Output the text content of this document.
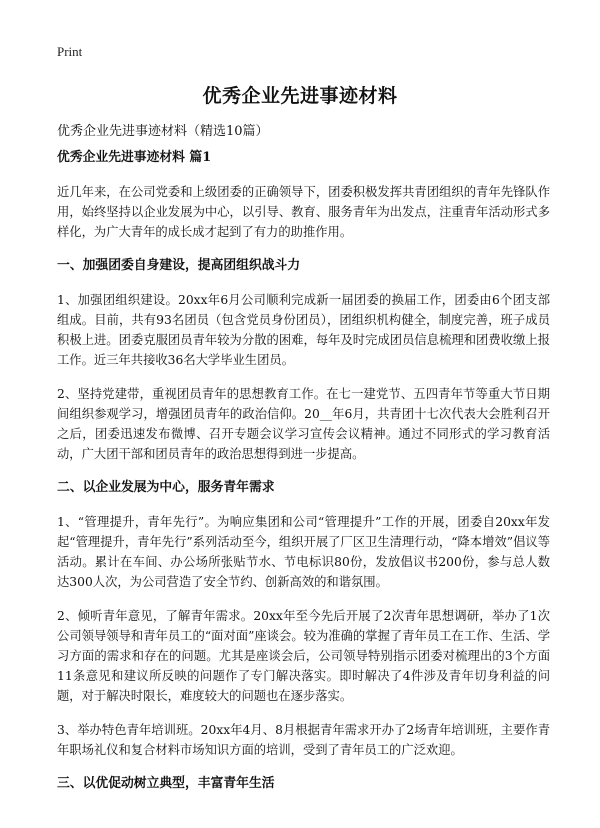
Print
优秀企业先进事迹材料
优秀企业先进事迹材料（精选10篇）
优秀企业先进事迹材料 篇1
近几年来，在公司党委和上级团委的正确领导下，团委积极发挥共青团组织的青年先锋队作用，始终坚持以企业发展为中心，以引导、教育、服务青年为出发点，注重青年活动形式多样化，为广大青年的成长成才起到了有力的助推作用。
一、加强团委自身建设，提高团组织战斗力
1、加强团组织建设。20xx年6月公司顺利完成新一届团委的换届工作，团委由6个团支部组成。目前，共有93名团员（包含党员身份团员），团组织机构健全，制度完善，班子成员积极上进。团委克服团员青年较为分散的困难，每年及时完成团员信息梳理和团费收缴上报工作。近三年共接收36名大学毕业生团员。
2、坚持党建带，重视团员青年的思想教育工作。在七一建党节、五四青年节等重大节日期间组织参观学习，增强团员青年的政治信仰。20__年6月，共青团十七次代表大会胜利召开之后，团委迅速发布微博、召开专题会议学习宣传会议精神。通过不同形式的学习教育活动，广大团干部和团员青年的政治思想得到进一步提高。
二、以企业发展为中心，服务青年需求
1、“管理提升，青年先行”。为响应集团和公司“管理提升”工作的开展，团委自20xx年发起“管理提升，青年先行”系列活动至今，组织开展了厂区卫生清理行动，“降本增效”倡议等活动。累计在车间、办公场所张贴节水、节电标识80份，发放倡议书200份，参与总人数达300人次，为公司营造了安全节约、创新高效的和谐氛围。
2、倾听青年意见，了解青年需求。20xx年至今先后开展了2次青年思想调研，举办了1次公司领导领导和青年员工的“面对面”座谈会。较为准确的掌握了青年员工在工作、生活、学习方面的需求和存在的问题。尤其是座谈会后，公司领导特别指示团委对梳理出的3个方面11条意见和建议所反映的问题作了专门解决落实。即时解决了4件涉及青年切身利益的问题，对于解决时限长，难度较大的问题也在逐步落实。
3、举办特色青年培训班。20xx年4月、8月根据青年需求开办了2场青年培训班，主要作青年职场礼仪和复合材料市场知识方面的培训，受到了青年员工的广泛欢迎。
三、以优促动树立典型，丰富青年生活
